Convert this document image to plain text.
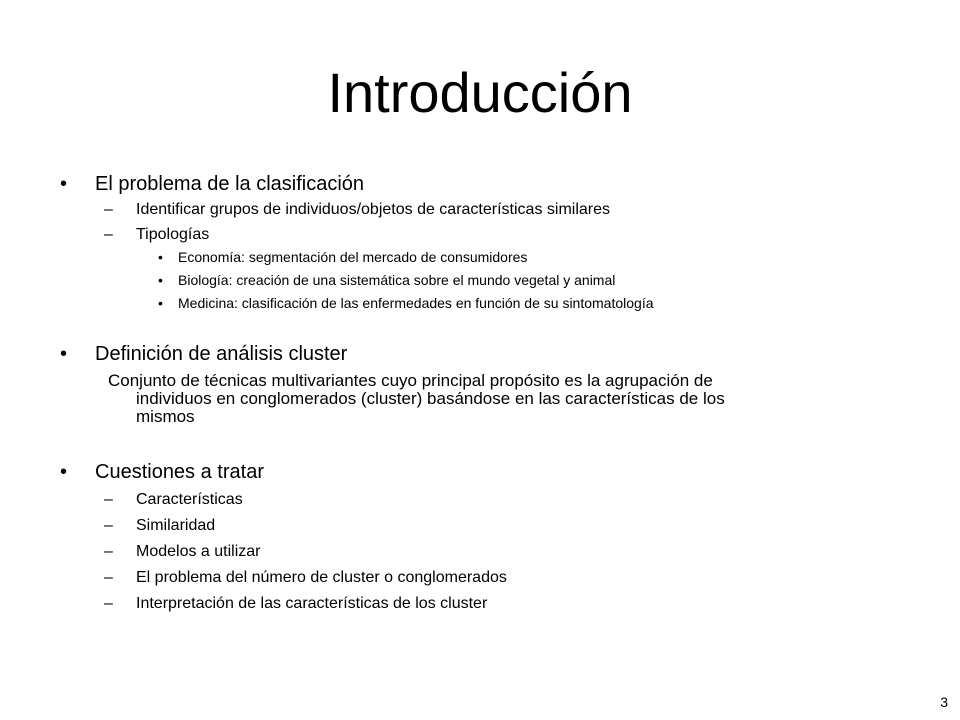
Introducción
• El problema de la clasificación
– Identificar grupos de individuos/objetos de características similares
– Tipologías
• Economía: segmentación del mercado de consumidores
• Biología: creación de una sistemática sobre el mundo vegetal y animal
• Medicina: clasificación de las enfermedades en función de su sintomatología
• Definición de análisis cluster
Conjunto de técnicas multivariantes cuyo principal propósito es la agrupación de
individuos en conglomerados (cluster) basándose en las características de los
mismos
• Cuestiones a tratar
– Características
– Similaridad
– Modelos a utilizar
– El problema del número de cluster o conglomerados
– Interpretación de las características de los cluster
3
